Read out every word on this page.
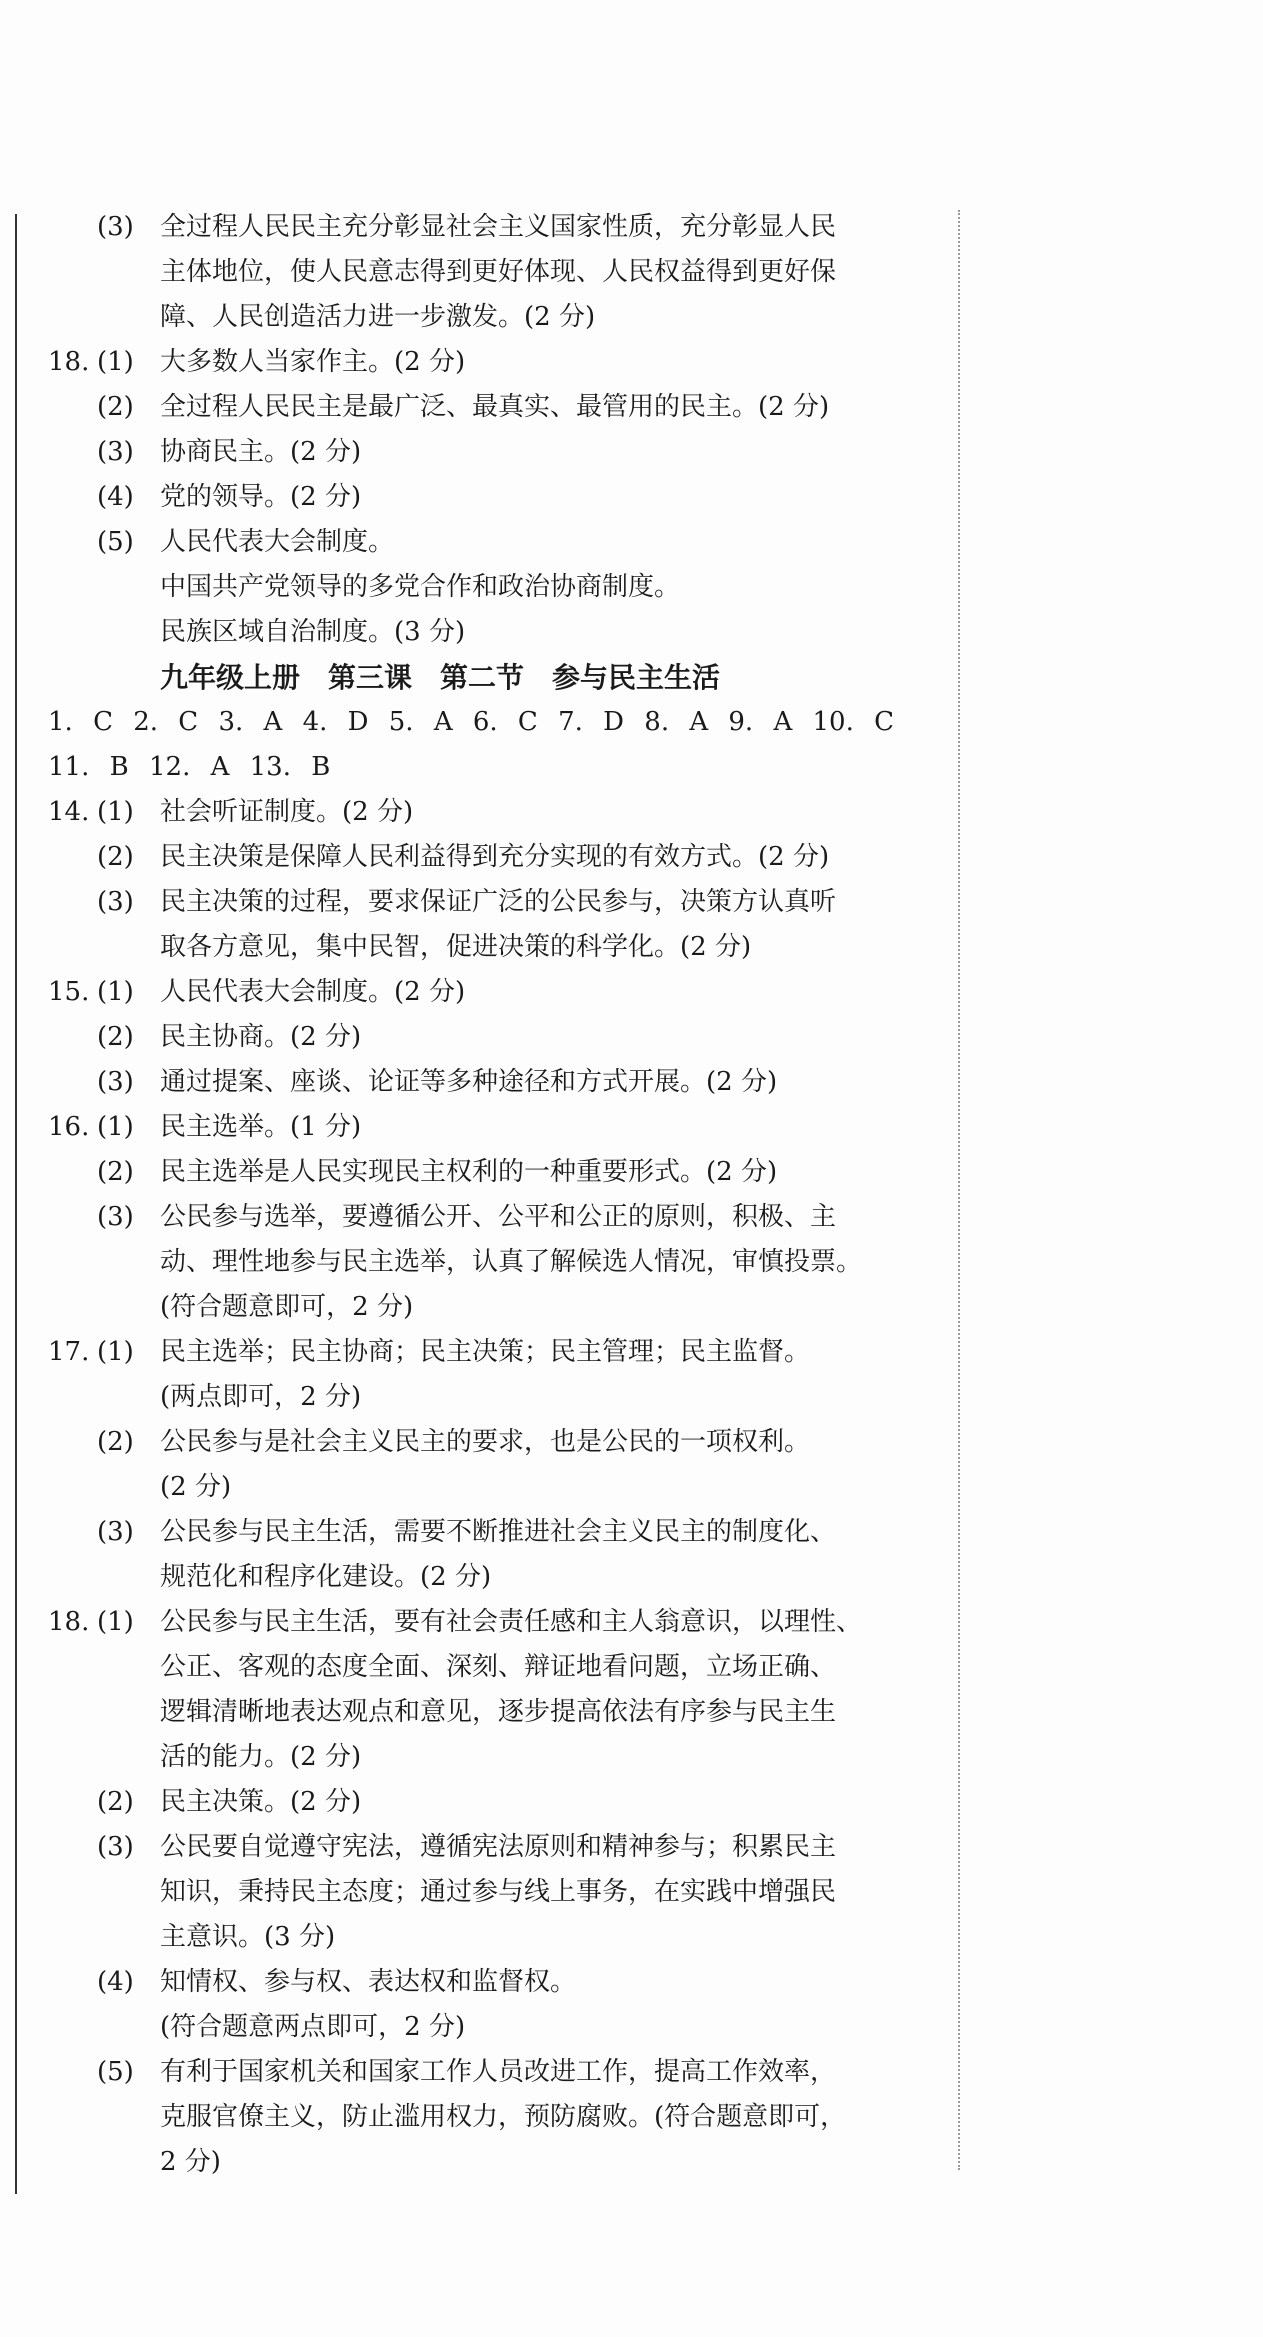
(3) 全过程人民民主充分彰显社会主义国家性质，充分彰显人民
主体地位，使人民意志得到更好体现、人民权益得到更好保
障、人民创造活力进一步激发。(2 分)
18. (1) 大多数人当家作主。(2 分)
(2) 全过程人民民主是最广泛、最真实、最管用的民主。(2 分)
(3) 协商民主。(2 分)
(4) 党的领导。(2 分)
(5) 人民代表大会制度。
中国共产党领导的多党合作和政治协商制度。
民族区域自治制度。(3 分)
九年级上册　第三课　第二节　参与民主生活
1. C 2. C 3. A 4. D 5. A 6. C 7. D 8. A 9. A 10. C
11. B 12. A 13. B
14. (1) 社会听证制度。(2 分)
(2) 民主决策是保障人民利益得到充分实现的有效方式。(2 分)
(3) 民主决策的过程，要求保证广泛的公民参与，决策方认真听
取各方意见，集中民智，促进决策的科学化。(2 分)
15. (1) 人民代表大会制度。(2 分)
(2) 民主协商。(2 分)
(3) 通过提案、座谈、论证等多种途径和方式开展。(2 分)
16. (1) 民主选举。(1 分)
(2) 民主选举是人民实现民主权利的一种重要形式。(2 分)
(3) 公民参与选举，要遵循公开、公平和公正的原则，积极、主
动、理性地参与民主选举，认真了解候选人情况，审慎投票。
(符合题意即可，2 分)
17. (1) 民主选举；民主协商；民主决策；民主管理；民主监督。
(两点即可，2 分)
(2) 公民参与是社会主义民主的要求，也是公民的一项权利。
(2 分)
(3) 公民参与民主生活，需要不断推进社会主义民主的制度化、
规范化和程序化建设。(2 分)
18. (1) 公民参与民主生活，要有社会责任感和主人翁意识，以理性、
公正、客观的态度全面、深刻、辩证地看问题，立场正确、
逻辑清晰地表达观点和意见，逐步提高依法有序参与民主生
活的能力。(2 分)
(2) 民主决策。(2 分)
(3) 公民要自觉遵守宪法，遵循宪法原则和精神参与；积累民主
知识，秉持民主态度；通过参与线上事务，在实践中增强民
主意识。(3 分)
(4) 知情权、参与权、表达权和监督权。
(符合题意两点即可，2 分)
(5) 有利于国家机关和国家工作人员改进工作，提高工作效率，
克服官僚主义，防止滥用权力，预防腐败。(符合题意即可，
2 分)
